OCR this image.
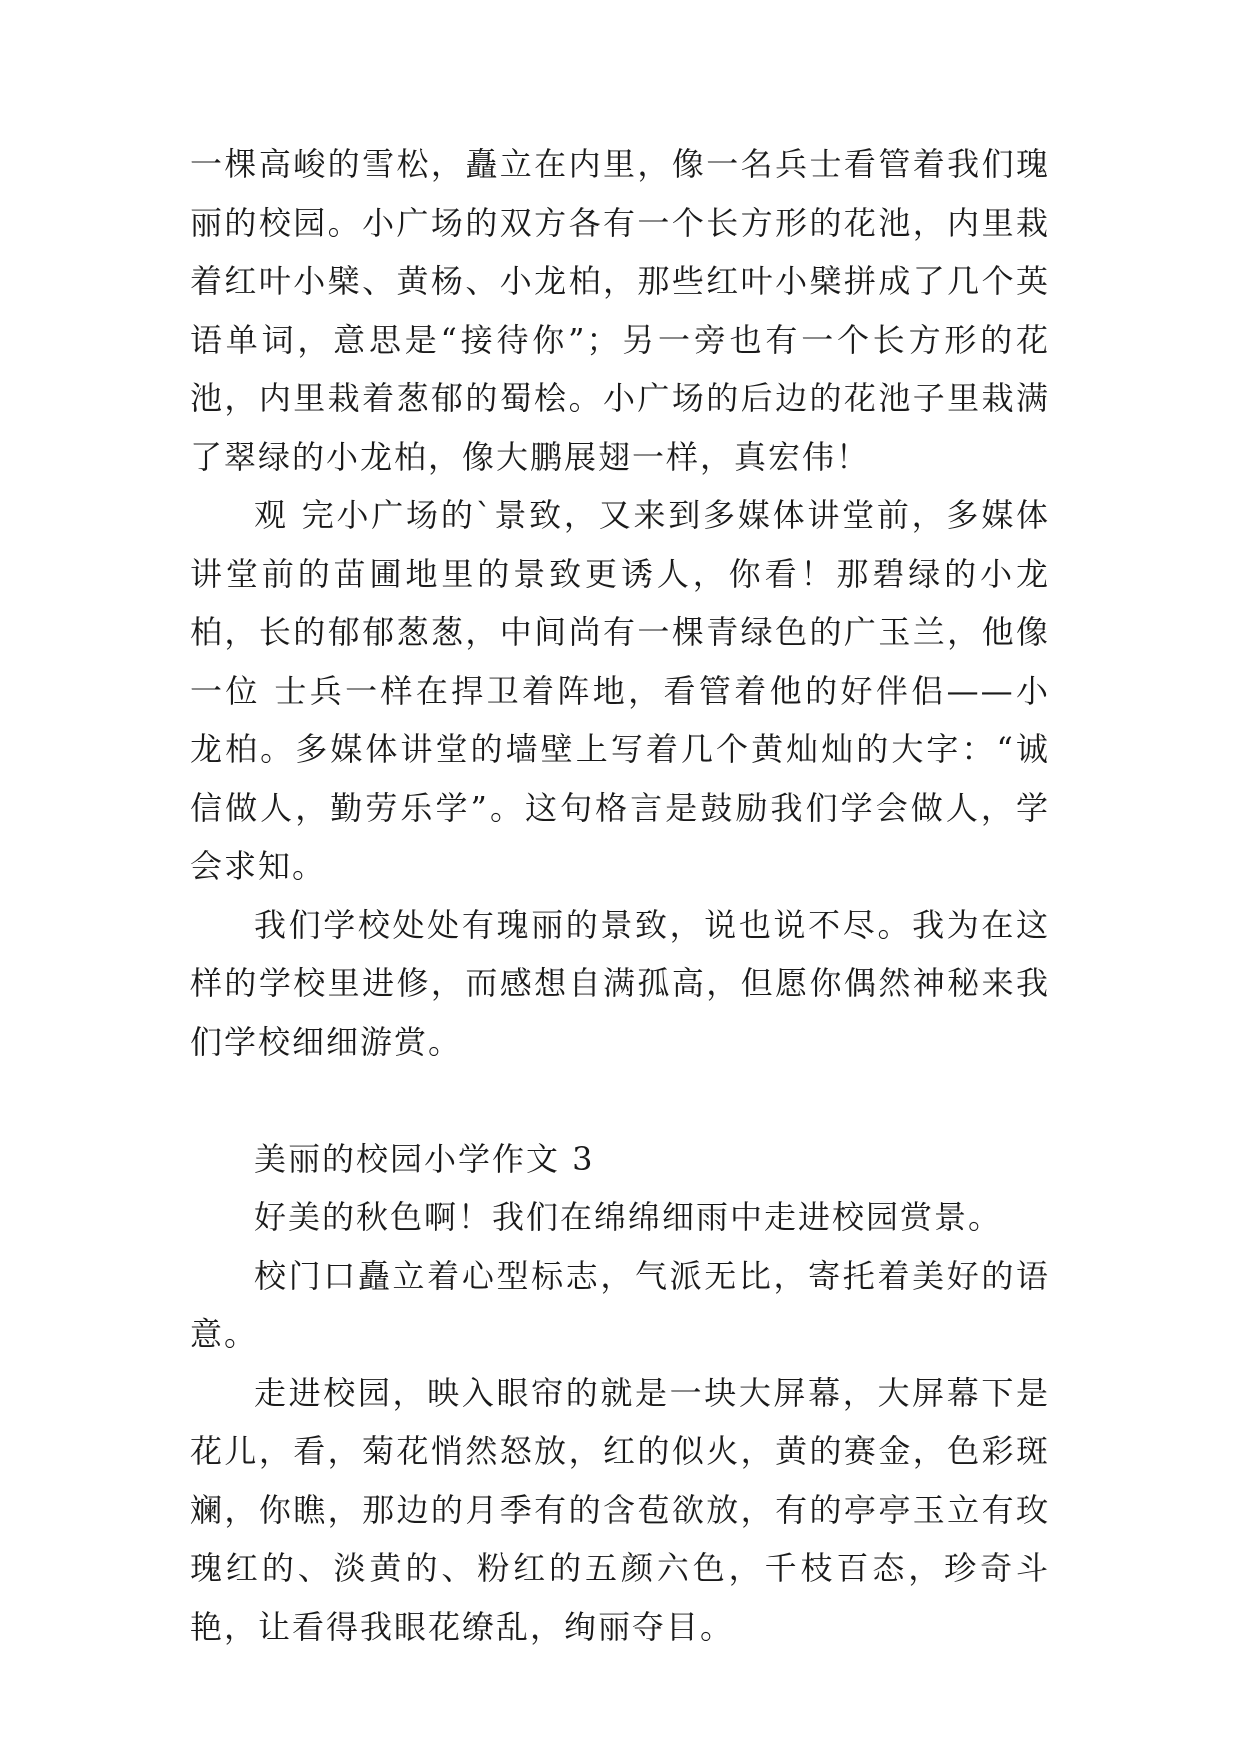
一棵高峻的雪松，矗立在内里，像一名兵士看管着我们瑰丽的校园。小广场的双方各有一个长方形的花池，内里栽着红叶小檗、黄杨、小龙柏，那些红叶小檗拼成了几个英语单词，意思是“接待你”；另一旁也有一个长方形的花池，内里栽着葱郁的蜀桧。小广场的后边的花池子里栽满了翠绿的小龙柏，像大鹏展翅一样，真宏伟！

观 完小广场的`景致，又来到多媒体讲堂前，多媒体讲堂前的苗圃地里的景致更诱人，你看！那碧绿的小龙柏，长的郁郁葱葱，中间尚有一棵青绿色的广玉兰，他像一位 士兵一样在捍卫着阵地，看管着他的好伴侣——小龙柏。多媒体讲堂的墙壁上写着几个黄灿灿的大字：“诚信做人，勤劳乐学”。这句格言是鼓励我们学会做人，学 会求知。

我们学校处处有瑰丽的景致，说也说不尽。我为在这样的学校里进修，而感想自满孤高，但愿你偶然神秘来我们学校细细游赏。

美丽的校园小学作文 3

好美的秋色啊！我们在绵绵细雨中走进校园赏景。

校门口矗立着心型标志，气派无比，寄托着美好的语意。

走进校园，映入眼帘的就是一块大屏幕，大屏幕下是花儿，看，菊花悄然怒放，红的似火，黄的赛金，色彩斑斓，你瞧，那边的月季有的含苞欲放，有的亭亭玉立有玫瑰红的、淡黄的、粉红的五颜六色，千枝百态，珍奇斗艳，让看得我眼花缭乱，绚丽夺目。
